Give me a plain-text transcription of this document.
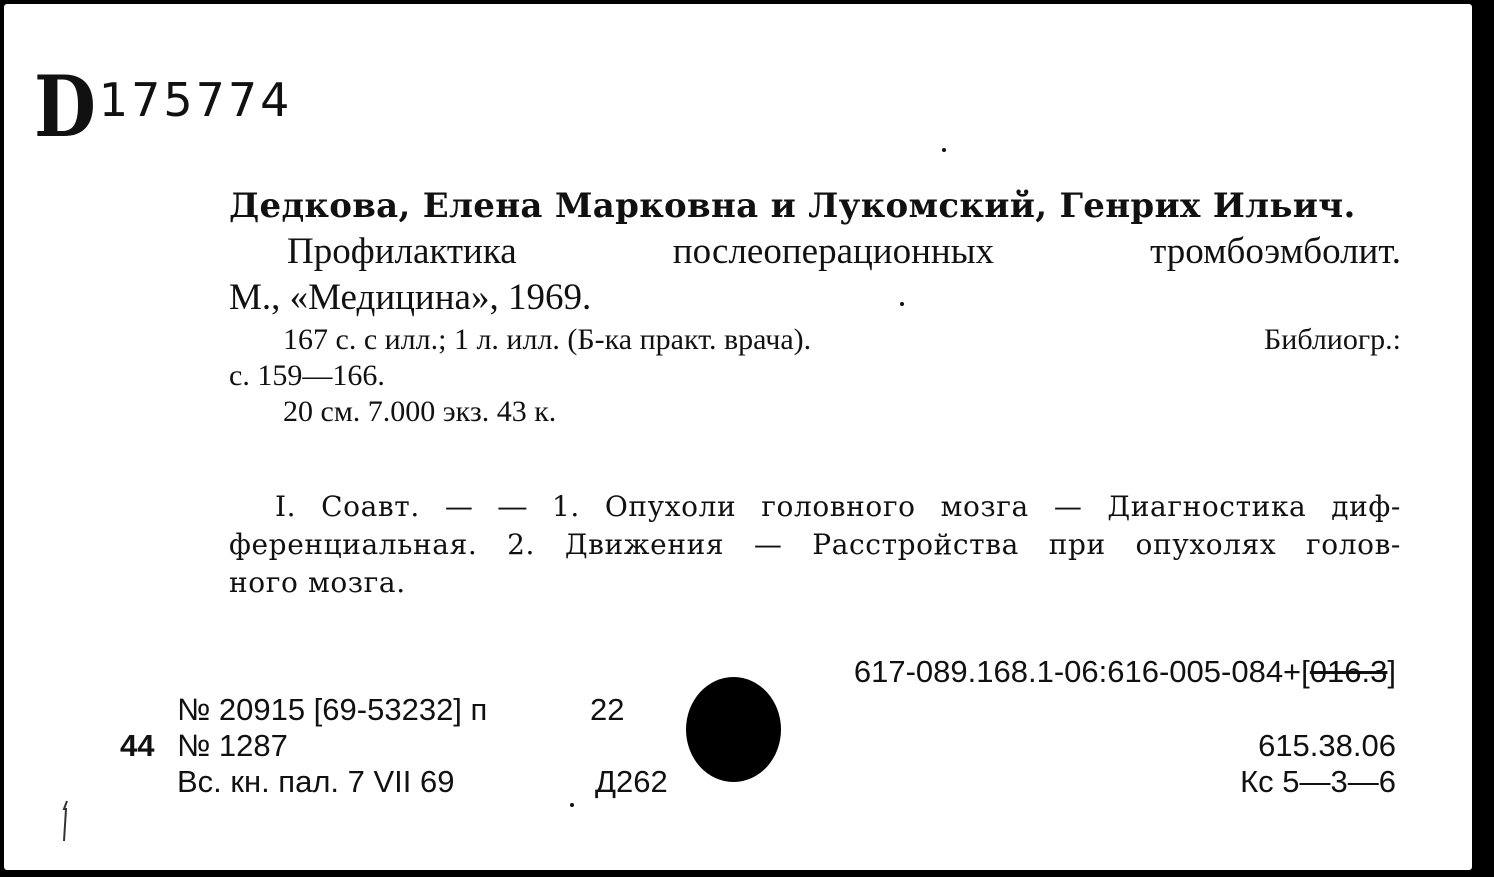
D 175774
Дедкова, Елена Марковна и Лукомский, Генрих Ильич.
Профилактика послеоперационных тромбоэмболит.
М., «Медицина», 1969.
167 с. с илл.; 1 л. илл. (Б-ка практ. врача).	Библиогр.:
с. 159—166.
20 см. 7.000 экз. 43 к.
I. Соавт. — ― 1. Опухоли головного мозга — Диагностика диф-
ференциальная. 2. Движения — Расстройства при опухолях голов-
ного мозга.
617-089.168.1-06:616-005-084+[016.3]
615.38.06
Кс 5—3—6
44
№ 20915 [69-53232] п
№ 1287
Вс. кн. пал. 7 VII 69
22
Д262
